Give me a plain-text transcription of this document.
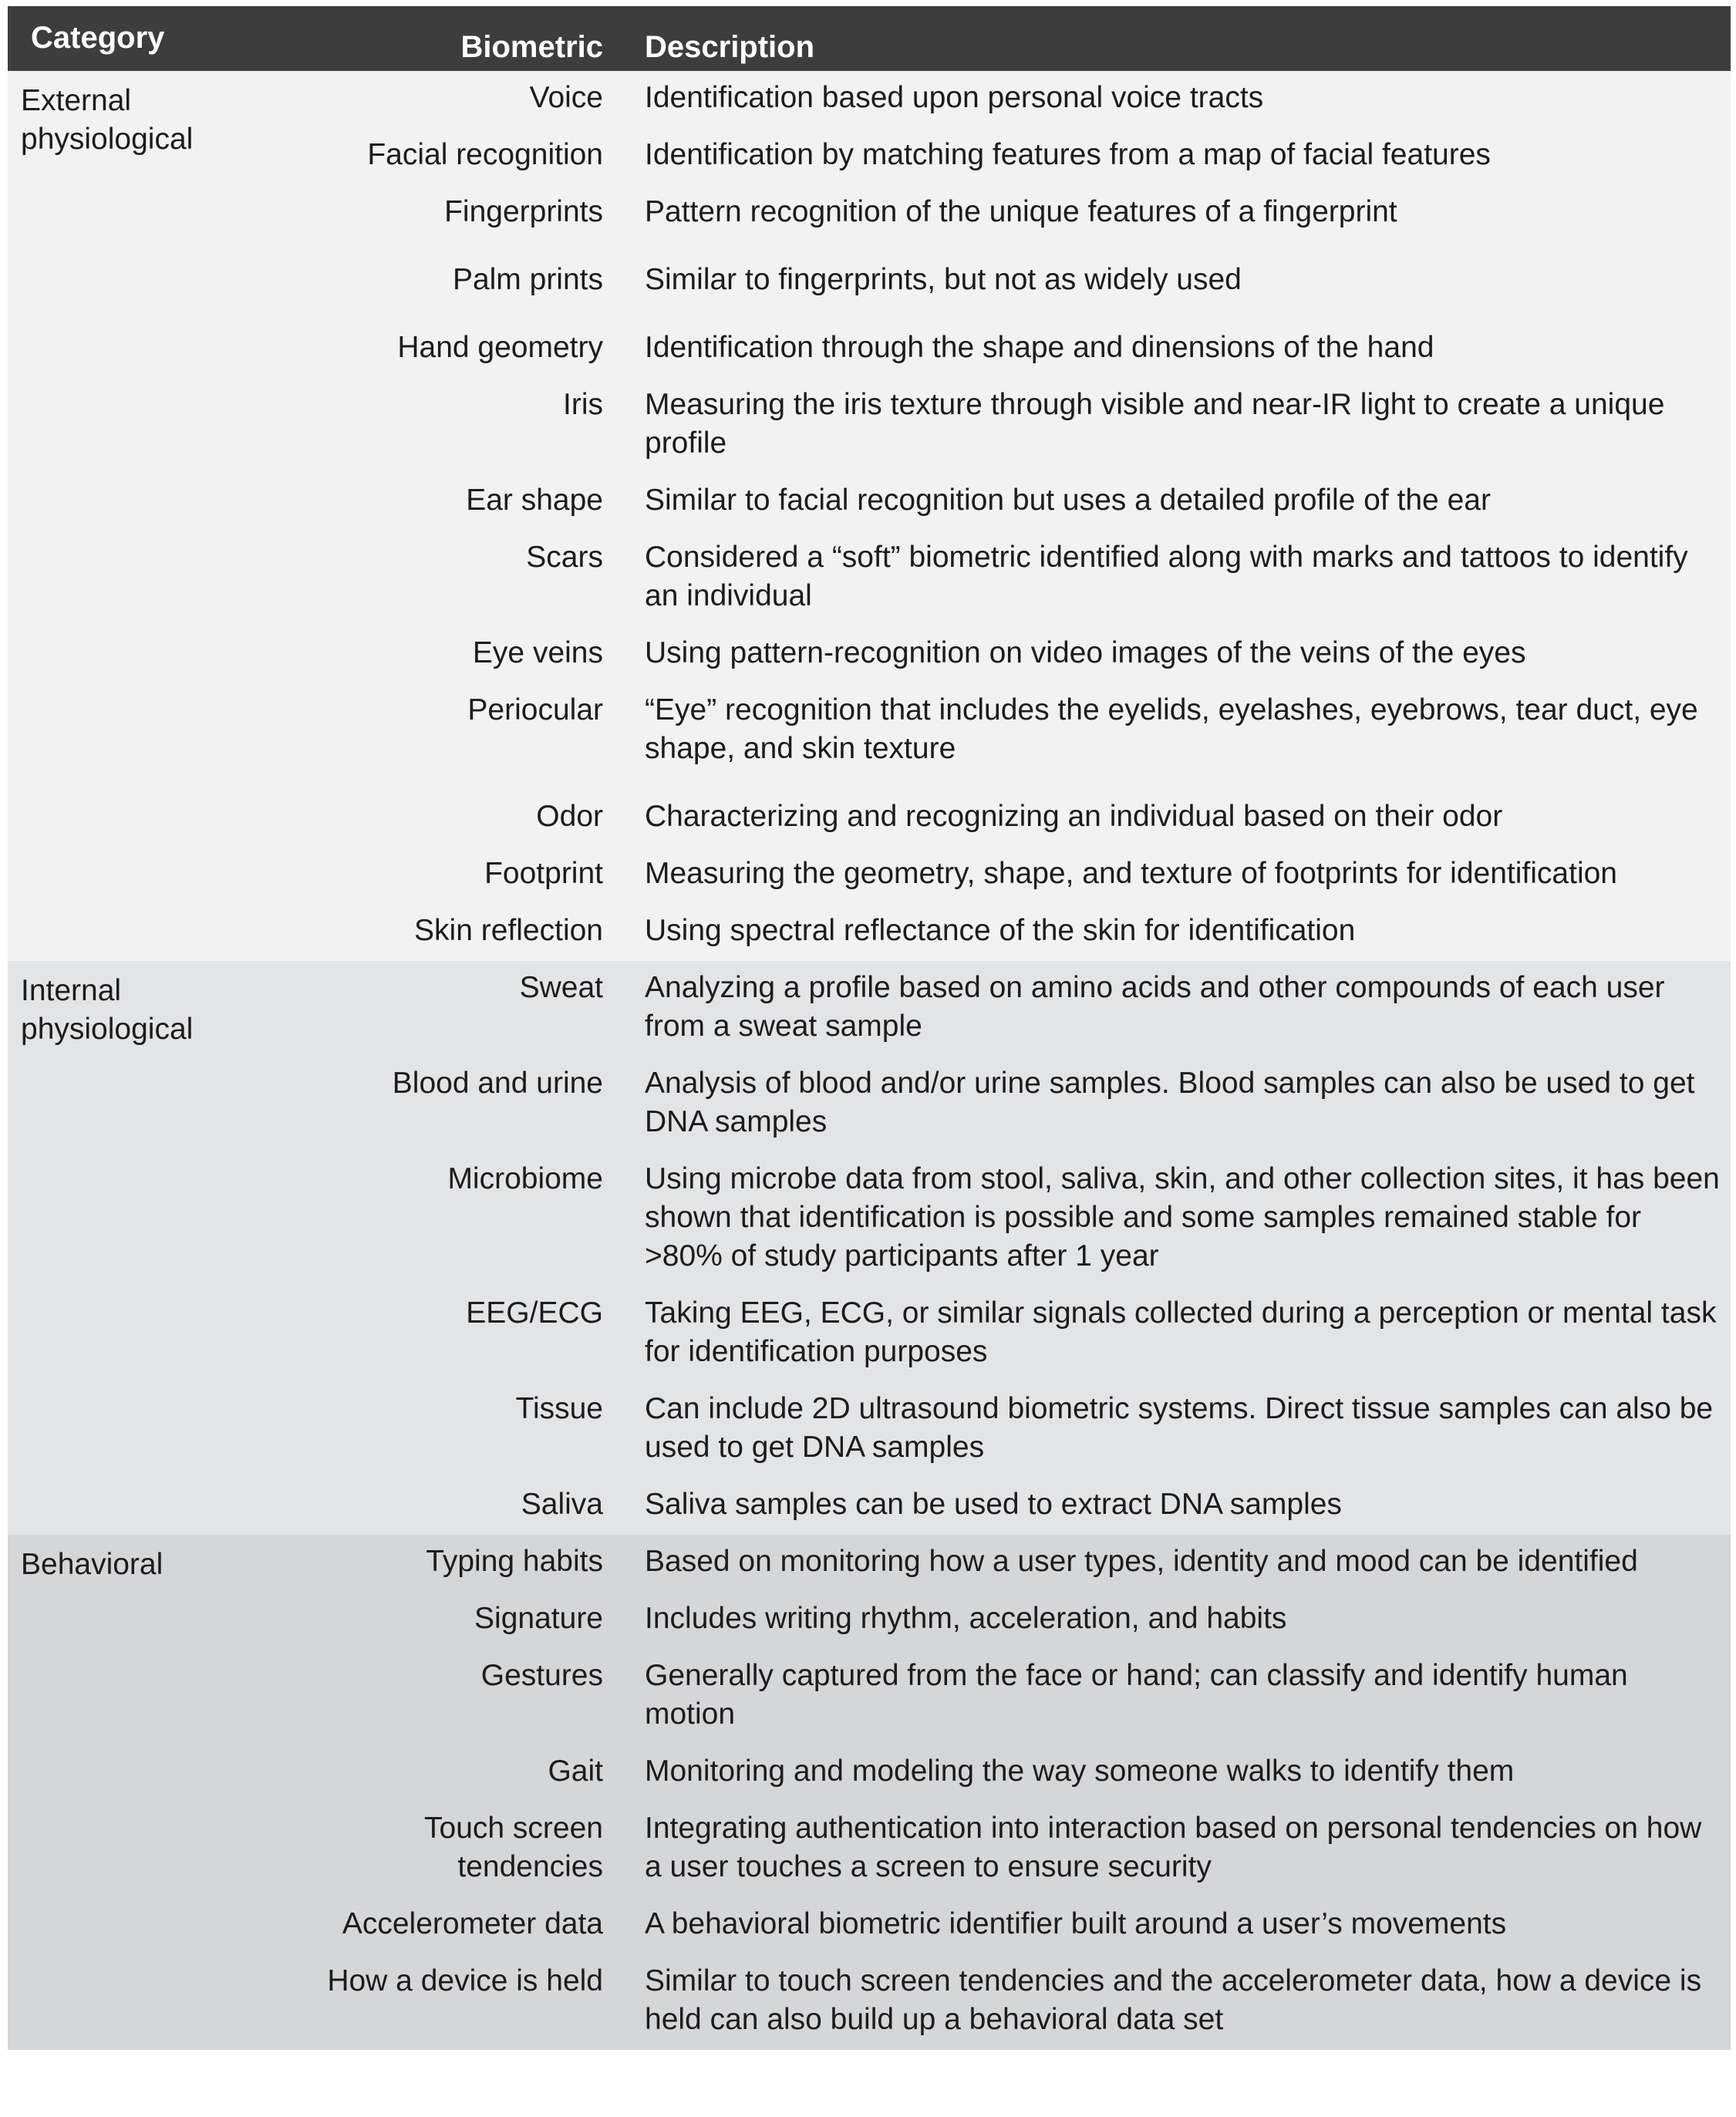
Category	Biometric	Description
External physiological	Voice	Identification based upon personal voice tracts
	Facial recognition	Identification by matching features from a map of facial features
	Fingerprints	Pattern recognition of the unique features of a fingerprint
	Palm prints	Similar to fingerprints, but not as widely used
	Hand geometry	Identification through the shape and dinensions of the hand
	Iris	Measuring the iris texture through visible and near-IR light to create a unique profile
	Ear shape	Similar to facial recognition but uses a detailed profile of the ear
	Scars	Considered a “soft” biometric identified along with marks and tattoos to identify an individual
	Eye veins	Using pattern-recognition on video images of the veins of the eyes
	Periocular	“Eye” recognition that includes the eyelids, eyelashes, eyebrows, tear duct, eye shape, and skin texture
	Odor	Characterizing and recognizing an individual based on their odor
	Footprint	Measuring the geometry, shape, and texture of footprints for identification
	Skin reflection	Using spectral reflectance of the skin for identification
Internal physiological	Sweat	Analyzing a profile based on amino acids and other compounds of each user from a sweat sample
	Blood and urine	Analysis of blood and/or urine samples. Blood samples can also be used to get DNA samples
	Microbiome	Using microbe data from stool, saliva, skin, and other collection sites, it has been shown that identification is possible and some samples remained stable for >80% of study participants after 1 year
	EEG/ECG	Taking EEG, ECG, or similar signals collected during a perception or mental task for identification purposes
	Tissue	Can include 2D ultrasound biometric systems. Direct tissue samples can also be used to get DNA samples
	Saliva	Saliva samples can be used to extract DNA samples
Behavioral	Typing habits	Based on monitoring how a user types, identity and mood can be identified
	Signature	Includes writing rhythm, acceleration, and habits
	Gestures	Generally captured from the face or hand; can classify and identify human motion
	Gait	Monitoring and modeling the way someone walks to identify them
	Touch screen tendencies	Integrating authentication into interaction based on personal tendencies on how a user touches a screen to ensure security
	Accelerometer data	A behavioral biometric identifier built around a user’s movements
	How a device is held	Similar to touch screen tendencies and the accelerometer data, how a device is held can also build up a behavioral data set
